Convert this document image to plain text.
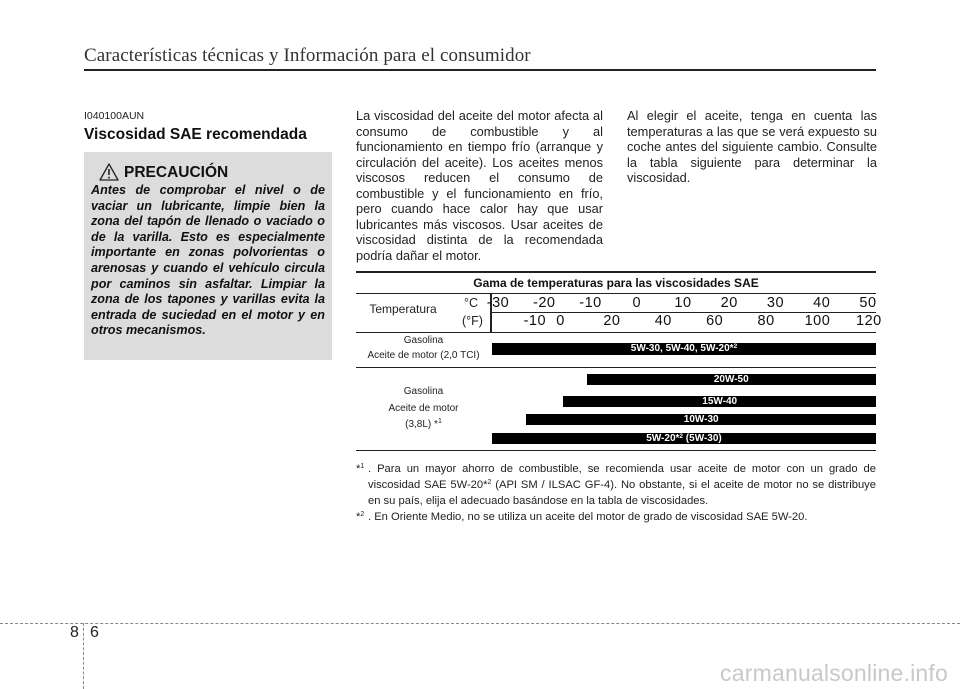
Características técnicas y Información para el consumidor
I040100AUN
Viscosidad SAE recomendada
PRECAUCIÓN
Antes de comprobar el nivel o de vaciar un lubricante, limpie bien la zona del tapón de llenado o vaciado o de la varilla. Esto es especialmente importante en zonas polvorientas o arenosas y cuando el vehículo circula por caminos sin asfaltar. Limpiar la zona de los tapones y varillas evita la entrada de suciedad en el motor y en otros mecanismos.
La viscosidad del aceite del motor afecta al consumo de combustible y al funcionamiento en tiempo frío (arranque y circulación del aceite). Los aceites menos viscosos reducen el consumo de combustible y el funcionamiento en frío, pero cuando hace calor hay que usar lubricantes más viscosos. Usar aceites de viscosidad distinta de la recomendada podría dañar el motor.
Al elegir el aceite, tenga en cuenta las temperaturas a las que se verá expuesto su coche antes del siguiente cambio. Consulte la tabla siguiente para determinar la viscosidad.
Gama de temperaturas para las viscosidades SAE
Temperatura	°C
(°F)
-30 -20 -10 0 10 20 30 40 50
-10 0	20 40 60 80 100 120
Gasolina
Aceite de motor (2,0 TCI)
5W-30, 5W-40, 5W-20*$^2$
Gasolina
Aceite de motor
(3,8L) *$^1$
20W-50
15W-40
10W-30
5W-20*$^2$ (5W-30)
*$^1$ . Para un mayor ahorro de combustible, se recomienda usar aceite de motor con un grado de viscosidad SAE 5W-20*$^2$ (API SM / ILSAC GF-4). No obstante, si el aceite de motor no se distribuye en su país, elija el adecuado basándose en la tabla de viscosidades.
*$^2$ . En Oriente Medio, no se utiliza un aceite del motor de grado de viscosidad SAE 5W-20.
8 6
carmanualsonline.info
